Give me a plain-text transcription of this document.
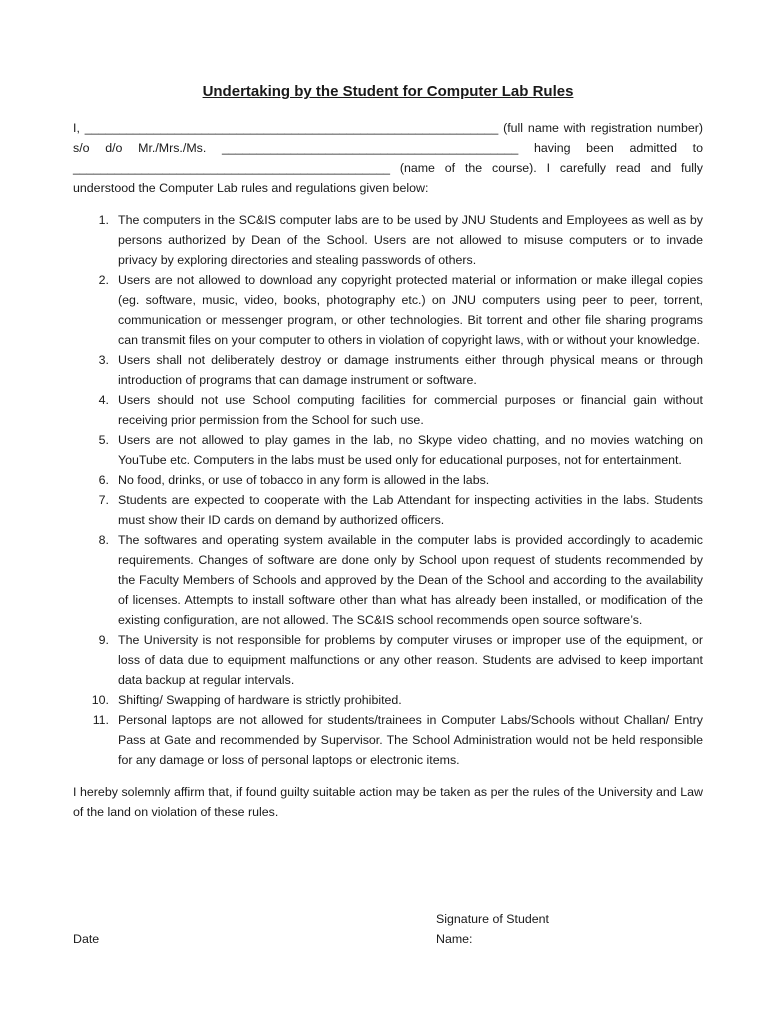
Undertaking by the Student for Computer Lab Rules

I, ____________________________________________________________ (full name with registration number) s/o d/o Mr./Mrs./Ms. ___________________________________________ having been admitted to ______________________________________________ (name of the course). I carefully read and fully understood the Computer Lab rules and regulations given below:

1. The computers in the SC&IS computer labs are to be used by JNU Students and Employees as well as by persons authorized by Dean of the School. Users are not allowed to misuse computers or to invade privacy by exploring directories and stealing passwords of others.
2. Users are not allowed to download any copyright protected material or information or make illegal copies (eg. software, music, video, books, photography etc.) on JNU computers using peer to peer, torrent, communication or messenger program, or other technologies. Bit torrent and other file sharing programs can transmit files on your computer to others in violation of copyright laws, with or without your knowledge.
3. Users shall not deliberately destroy or damage instruments either through physical means or through introduction of programs that can damage instrument or software.
4. Users should not use School computing facilities for commercial purposes or financial gain without receiving prior permission from the School for such use.
5. Users are not allowed to play games in the lab, no Skype video chatting, and no movies watching on YouTube etc. Computers in the labs must be used only for educational purposes, not for entertainment.
6. No food, drinks, or use of tobacco in any form is allowed in the labs.
7. Students are expected to cooperate with the Lab Attendant for inspecting activities in the labs. Students must show their ID cards on demand by authorized officers.
8. The softwares and operating system available in the computer labs is provided accordingly to academic requirements. Changes of software are done only by School upon request of students recommended by the Faculty Members of Schools and approved by the Dean of the School and according to the availability of licenses. Attempts to install software other than what has already been installed, or modification of the existing configuration, are not allowed. The SC&IS school recommends open source software’s.
9. The University is not responsible for problems by computer viruses or improper use of the equipment, or loss of data due to equipment malfunctions or any other reason. Students are advised to keep important data backup at regular intervals.
10. Shifting/ Swapping of hardware is strictly prohibited.
11. Personal laptops are not allowed for students/trainees in Computer Labs/Schools without Challan/ Entry Pass at Gate and recommended by Supervisor. The School Administration would not be held responsible for any damage or loss of personal laptops or electronic items.

I hereby solemnly affirm that, if found guilty suitable action may be taken as per the rules of the University and Law of the land on violation of these rules.

Signature of Student
Name:
Date
